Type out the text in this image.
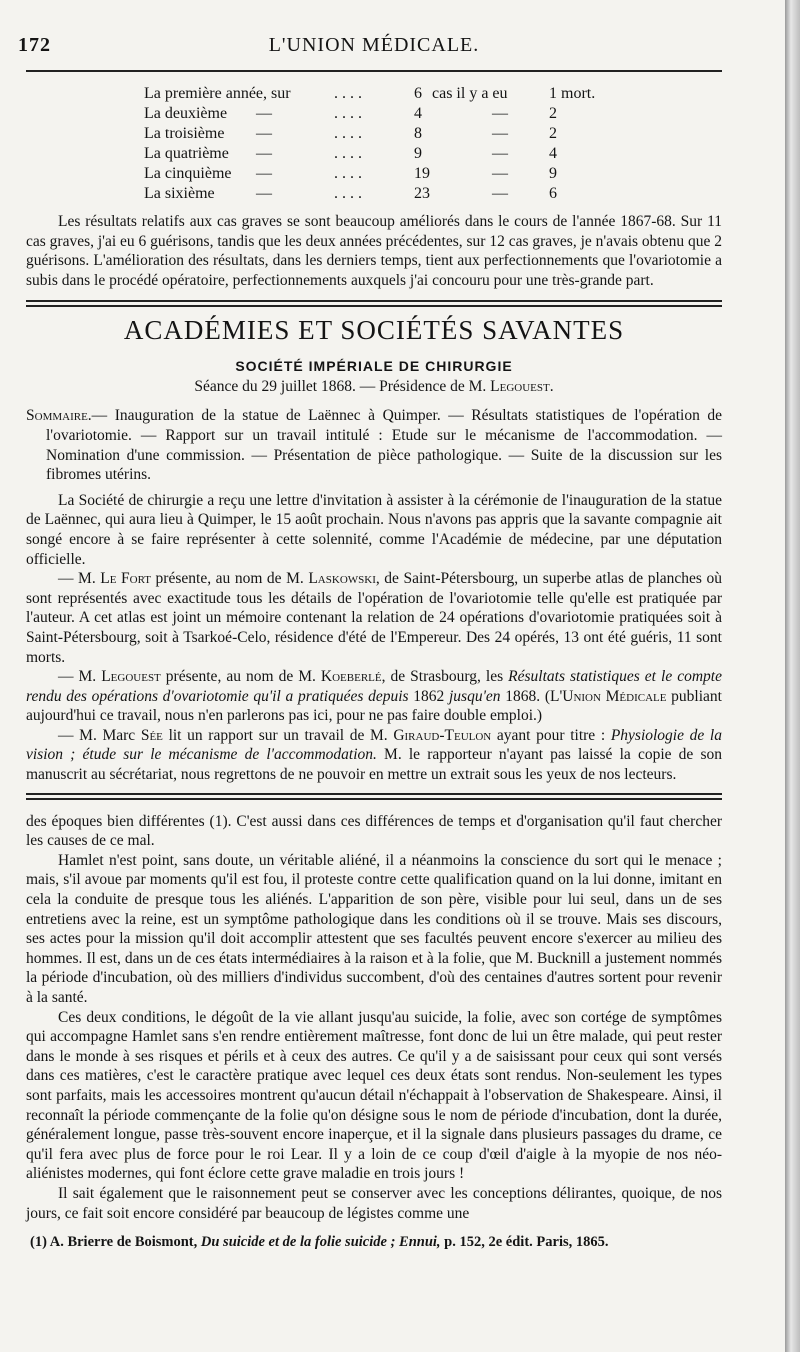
172	L'UNION MÉDICALE.
La première année, sur	. . . .	6 cas il y a eu	1 mort.
La deuxième —	. . . .	4	—	2
La troisième —	. . . .	8	—	2
La quatrième —	. . . .	9	—	4
La cinquième —	. . . .	19	—	9
La sixième	—	. . . .	23	—	6

Les résultats relatifs aux cas graves se sont beaucoup améliorés dans le cours de l'année 1867-68. Sur 11 cas graves, j'ai eu 6 guérisons, tandis que les deux années précédentes, sur 12 cas graves, je n'avais obtenu que 2 guérisons. L'amélioration des résultats, dans les derniers temps, tient aux perfectionnements que l'ovariotomie a subis dans le procédé opératoire, perfectionnements auxquels j'ai concouru pour une très-grande part.

ACADÉMIES ET SOCIÉTÉS SAVANTES
SOCIÉTÉ IMPÉRIALE DE CHIRURGIE
Séance du 29 juillet 1868. — Présidence de M. Legouest.

Sommaire.— Inauguration de la statue de Laënnec à Quimper. — Résultats statistiques de l'opération de l'ovariotomie. — Rapport sur un travail intitulé : Etude sur le mécanisme de l'accommodation. — Nomination d'une commission. — Présentation de pièce pathologique. — Suite de la discussion sur les fibromes utérins.

La Société de chirurgie a reçu une lettre d'invitation à assister à la cérémonie de l'inauguration de la statue de Laënnec, qui aura lieu à Quimper, le 15 août prochain. Nous n'avons pas appris que la savante compagnie ait songé encore à se faire représenter à cette solennité, comme l'Académie de médecine, par une députation officielle.

— M. Le Fort présente, au nom de M. Laskowski, de Saint-Pétersbourg, un superbe atlas de planches où sont représentés avec exactitude tous les détails de l'opération de l'ovariotomie telle qu'elle est pratiquée par l'auteur. A cet atlas est joint un mémoire contenant la relation de 24 opérations d'ovariotomie pratiquées soit à Saint-Pétersbourg, soit à Tsarkoé-Celo, résidence d'été de l'Empereur. Des 24 opérés, 13 ont été guéris, 11 sont morts.

— M. Legouest présente, au nom de M. Koeberlé, de Strasbourg, les Résultats statistiques et le compte rendu des opérations d'ovariotomie qu'il a pratiquées depuis 1862 jusqu'en 1868. (L'Union Médicale publiant aujourd'hui ce travail, nous n'en parlerons pas ici, pour ne pas faire double emploi.)

— M. Marc Sée lit un rapport sur un travail de M. Giraud-Teulon ayant pour titre : Physiologie de la vision ; étude sur le mécanisme de l'accommodation. M. le rapporteur n'ayant pas laissé la copie de son manuscrit au sécrétariat, nous regrettons de ne pouvoir en mettre un extrait sous les yeux de nos lecteurs.

des époques bien différentes (1). C'est aussi dans ces différences de temps et d'organisation qu'il faut chercher les causes de ce mal.

Hamlet n'est point, sans doute, un véritable aliéné, il a néanmoins la conscience du sort qui le menace ; mais, s'il avoue par moments qu'il est fou, il proteste contre cette qualification quand on la lui donne, imitant en cela la conduite de presque tous les aliénés. L'apparition de son père, visible pour lui seul, dans un de ses entretiens avec la reine, est un symptôme pathologique dans les conditions où il se trouve. Mais ses discours, ses actes pour la mission qu'il doit accomplir attestent que ses facultés peuvent encore s'exercer au milieu des hommes. Il est, dans un de ces états intermédiaires à la raison et à la folie, que M. Bucknill a justement nommés la période d'incubation, où des milliers d'individus succombent, d'où des centaines d'autres sortent pour revenir à la santé.

Ces deux conditions, le dégoût de la vie allant jusqu'au suicide, la folie, avec son cortége de symptômes qui accompagne Hamlet sans s'en rendre entièrement maîtresse, font donc de lui un être malade, qui peut rester dans le monde à ses risques et périls et à ceux des autres. Ce qu'il y a de saisissant pour ceux qui sont versés dans ces matières, c'est le caractère pratique avec lequel ces deux états sont rendus. Non-seulement les types sont parfaits, mais les accessoires montrent qu'aucun détail n'échappait à l'observation de Shakespeare. Ainsi, il reconnaît la période commençante de la folie qu'on désigne sous le nom de période d'incubation, dont la durée, généralement longue, passe très-souvent encore inaperçue, et il la signale dans plusieurs passages du drame, ce qu'il fera avec plus de force pour le roi Lear. Il y a loin de ce coup d'œil d'aigle à la myopie de nos néo-aliénistes modernes, qui font éclore cette grave maladie en trois jours !

Il sait également que le raisonnement peut se conserver avec les conceptions délirantes, quoique, de nos jours, ce fait soit encore considéré par beaucoup de légistes comme une

(1) A. Brierre de Boismont, Du suicide et de la folie suicide ; Ennui, p. 152, 2e édit. Paris, 1865.
